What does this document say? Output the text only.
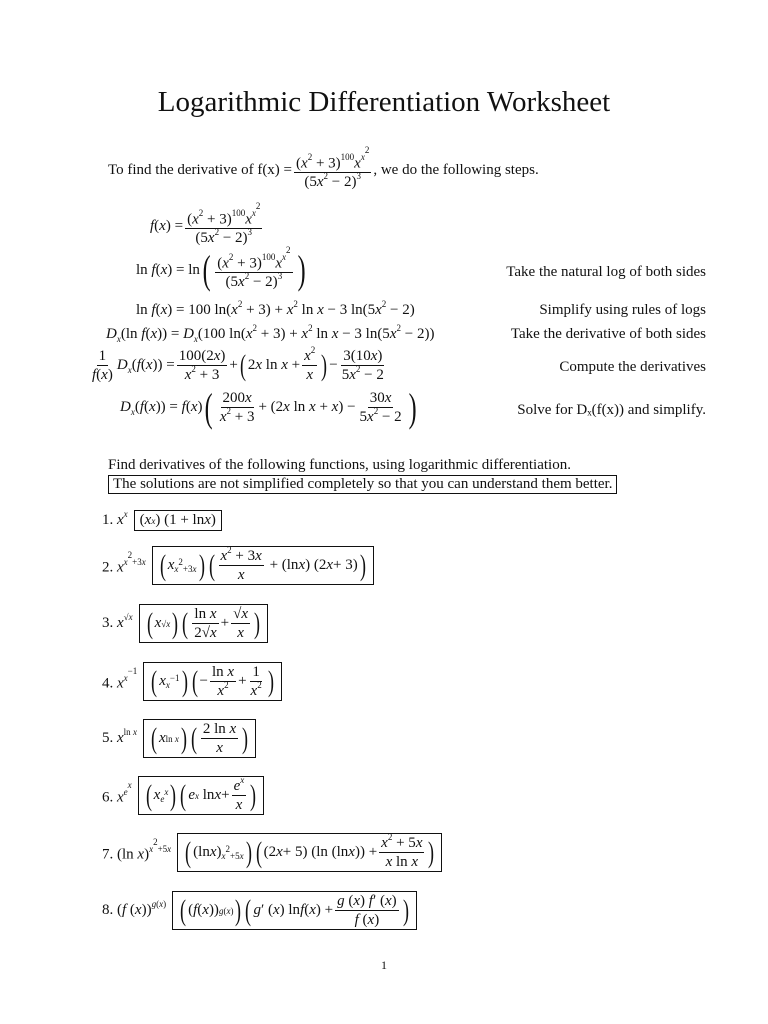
Logarithmic Differentiation Worksheet
To find the derivative of $f(x) = \frac{(x^2 + 3)^{100}x^{x^2}}{(5x^2 - 2)^3}$ , we do the following steps.
$f(x) = \frac{(x^2 + 3)^{100}x^{x^2}}{(5x^2 - 2)^3}$
ln f(x) = ln ( $\frac{(x^2 + 3)^{100}x^{x^2}}{(5x^2 - 2)^3}$ )	Take the natural log of both sides
ln f(x) = 100 $\ln(x^2 + 3) + x^2$ ln x − 3 $\ln(5x^2 - 2)$	Simplify using rules of logs
$D_x(\ln$ $f(x)) = D_x(100$ $\ln(x^2 + 3) + x^2$ ln x − 3 $\ln(5x^2 - 2)$)	Take the derivative of both sides
$\frac{1}{f(x)} D_x(f(x)) = \frac{100(2x)}{x^2 + 3}$ + ( 2x $\ln x + \frac{x^2}{x}$ ) − $\frac{3(10x)}{5x^2 - 2}$	Compute the derivatives
$D_x(f(x)) = f(x)$ ( $\frac{200x}{x^2 + 3} + (2x$ $\ln x + x) - \frac{30x}{5x^2 - 2}$ )	Solve for Dₓ(f(x)) and simplify.
Find derivatives of the following functions, using logarithmic differentiation.
The solutions are not simplified completely so that you can understand them better.
1. $x^x$ ( x x ) (1 + ln x )
2. $x^{x^2+3x}$ ( x $x^2+3x$ ) ( $\frac{x^2 + 3x}{x} + (\ln$ x ) (2 x + 3) )
3. $x^{√x}$ ( x √x ) ( $\frac{\text{ln x}}{2√x} + \frac{√x}{x}$ )
4. $x^{x^{-1}}$ ( x $x^{-1}$ ) ( − $\frac{\text{ln x}}{x^2} + \frac{1}{x^2}$ )
5. $x^{ln x}$ ( x ln x ) ( $\frac{\text{2 ln x}}{x}$ )
6. $x^{e^x}$ ( x $e^x$ ) ( e x $\ln x + \frac{e^x}{x}$ )
7. (ln x)$^{x^2+5x}$ ( (ln x ) $x^2+5x$ ) ( (2 x + 5) (ln (ln x )) + $\frac{x^2 + 5x}{\text{x ln x}}$ )
8. (f (x))$^{g(x)}$ ( ( f ( x )) g(x) ) ( g ′ ( x ) ln f ( x ) + $\frac{g (x) f' (x)}{f (x)}$ )
1
